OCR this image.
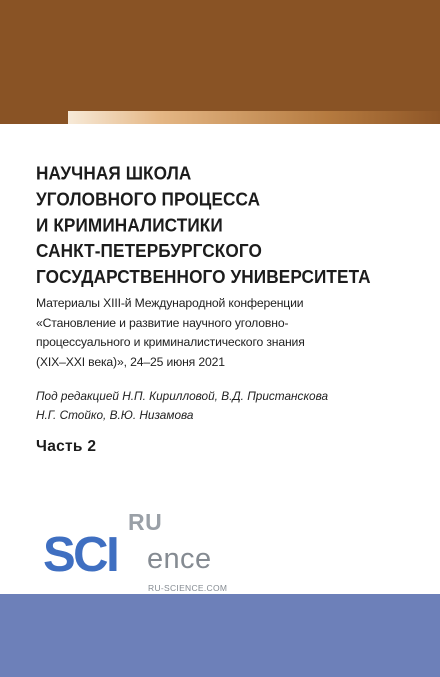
НАУЧНАЯ ШКОЛА
УГОЛОВНОГО ПРОЦЕССА
И КРИМИНАЛИСТИКИ
САНКТ-ПЕТЕРБУРГСКОГО
ГОСУДАРСТВЕННОГО УНИВЕРСИТЕТА
Материалы XIII-й Международной конференции
«Становление и развитие научного уголовно-
процессуального и криминалистического знания
(XIX–XXI века)», 24–25 июня 2021
Под редакцией Н.П. Кирилловой, В.Д. Пристанскова
Н.Г. Стойко, В.Ю. Низамова
Часть 2
RU
SCI ence
RU-SCIENCE.COM
